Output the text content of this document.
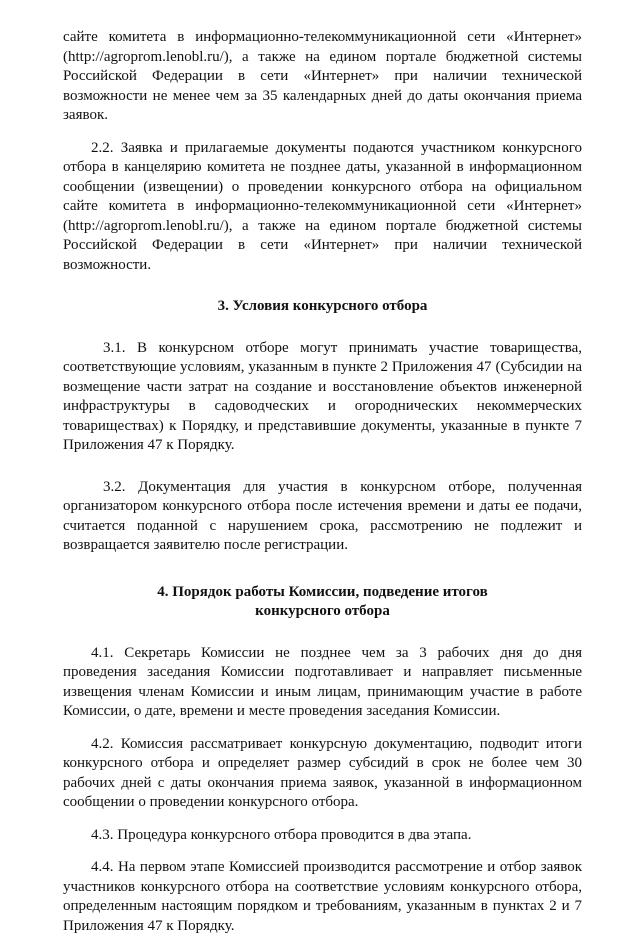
сайте комитета в информационно-телекоммуникационной сети «Интернет» (http://agroprom.lenobl.ru/), а также на едином портале бюджетной системы Российской Федерации в сети «Интернет» при наличии технической возможности не менее чем за 35 календарных дней до даты окончания приема заявок.

2.2. Заявка и прилагаемые документы подаются участником конкурсного отбора в канцелярию комитета не позднее даты, указанной в информационном сообщении (извещении) о проведении конкурсного отбора на официальном сайте комитета в информационно-телекоммуникационной сети «Интернет» (http://agroprom.lenobl.ru/), а также на едином портале бюджетной системы Российской Федерации в сети «Интернет» при наличии технической возможности.

3. Условия конкурсного отбора

3.1. В конкурсном отборе могут принимать участие товарищества, соответствующие условиям, указанным в пункте 2 Приложения 47 (Субсидии на возмещение части затрат на создание и восстановление объектов инженерной инфраструктуры в садоводческих и огороднических некоммерческих товариществах) к Порядку, и представившие документы, указанные в пункте 7 Приложения 47 к Порядку.

3.2. Документация для участия в конкурсном отборе, полученная организатором конкурсного отбора после истечения времени и даты ее подачи, считается поданной с нарушением срока, рассмотрению не подлежит и возвращается заявителю после регистрации.

4. Порядок работы Комиссии, подведение итогов
конкурсного отбора

4.1. Секретарь Комиссии не позднее чем за 3 рабочих дня до дня проведения заседания Комиссии подготавливает и направляет письменные извещения членам Комиссии и иным лицам, принимающим участие в работе Комиссии, о дате, времени и месте проведения заседания Комиссии.

4.2. Комиссия рассматривает конкурсную документацию, подводит итоги конкурсного отбора и определяет размер субсидий в срок не более чем 30 рабочих дней с даты окончания приема заявок, указанной в информационном сообщении о проведении конкурсного отбора.

4.3. Процедура конкурсного отбора проводится в два этапа.

4.4. На первом этапе Комиссией производится рассмотрение и отбор заявок участников конкурсного отбора на соответствие условиям конкурсного отбора, определенным настоящим порядком и требованиям, указанным в пунктах 2 и 7 Приложения 47 к Порядку.
